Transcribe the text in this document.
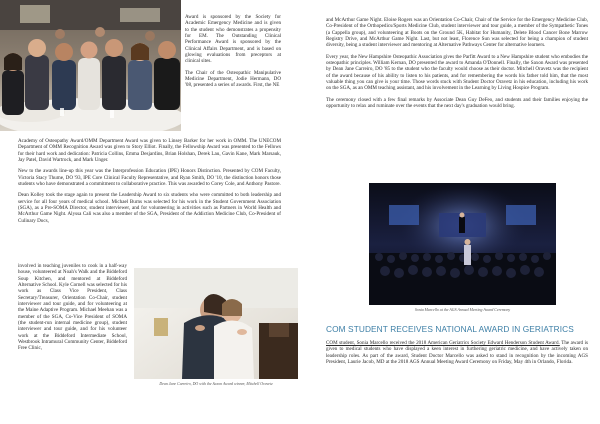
Award is sponsored by the Society for Academic Emergency Medicine and is given to the student who demonstrates a propensity for EM. The Outstanding Clinical Performance Award is sponsored by the Clinical Affairs Department, and is based on glowing evaluations from preceptors at clinical sites.

The Chair of the Osteopathic Manipulative Medicine Department, Jodie Hermann, DO '08, presented a series of awards. First, the NE

Academy of Osteopathy Award/OMM Department Award was given to Linsey Barker for her work in OMM. The UNECOM Department of OMM Recognition Award was given to Story Elliot. Finally, the Fellowship Award was presented to the Fellows for their hard work and dedication: Patricia Collins, Emma Desjardins, Brian Holshan, Derek Lau, Gavin Kane, Mark Marsauk, Jay Patel, David Wartrock, and Mark Unger.

New to the awards line-up this year was the Interprofession Education (IPE) Honors Distinction. Presented by COM Faculty, Victoria Stacy Thume, DO '93, IPE Core Clinical Faculty Representative, and Ryan Smith, DO '10, the distinction honors those students who have demonstrated a commitment to collaborative practice. This was awarded to Corey Cole, and Anthony Pastore.

Dean Kolley took the stage again to present the Leadership Award to six students who were committed to both leadership and service for all four years of medical school. Michael Burns was selected for his work in the Student Government Association (SGA), as a Pre-SOMA Director, student interviewer, and for volunteering in activities such as Partners in World Health and McArthur Game Night. Alyssa Cali was also a member of the SGA, President of the Addiction Medicine Club, Co-President of Culinary Docs,

involved in teaching juveniles to cook in a half-way house, volunteered at Noah's Walk and the Biddeford Soup Kitchen, and mentored at Biddeford Alternative School. Kyle Cornell was selected for his work as Class Vice President, Class Secretary/Treasurer, Orientation Co-Chair, student interviewer and tour guide, and for volunteering at the Maine Adaptive Program. Michael Meehan was a member of the SGA, Co-Vice President of SOMA (the student-run internal medicine group), student interviewer and tour guide, and for his volunteer work at the Biddeford Intermediate School, Westbrook Intramural Community Center, Biddeford Free Clinic,

Dean Jane Carreiro, DO with the Saxon Award winner, Mitchell Oravetz

and McArthur Game Night. Eloise Rogers was an Orientation Co-Chair, Chair of the Service for the Emergency Medicine Club, Co-President of the Orthopedics/Sports Medicine Club, student interviewer and tour guide, a member of the Sympathetic Tones (a Cappella group), and volunteering at Boots on the Ground 5K, Habitat for Humanity, Delete Blood Cancer Bone Marrow Registry Drive, and McArthur Game Night. Last, but not least, Florence Sun was selected for being a champion of student diversity, being a student interviewer and mentoring at Alternative Pathways Center for alternative learners.

Every year, the New Hampshire Osteopathic Association gives the Parfitt Award to a New Hampshire student who embodies the osteopathic principles. William Kernan, DO presented the award to Amanda O'Donnell. Finally, the Saxon Award was presented by Dean Jane Carreiro, DO '85 to the student who the faculty would choose as their doctor. Mitchell Oravetz was the recipient of the award because of his ability to listen to his patients, and for remembering the words his father told him, that the most valuable thing you can give is your time. Those words stuck with Student Doctor Oravetz in his education, including his work on the SGA, as an OMM teaching assistant, and his involvement in the Learning by Living Hospice Program.

The ceremony closed with a few final remarks by Associate Dean Guy DeFeo, and students and their families enjoying the opportunity to relax and ruminate over the events that the next day's graduation would bring.

Sonia Marcello at the AGS Annual Meeting Award Ceremony
COM STUDENT RECEIVES NATIONAL AWARD IN GERIATRICS

COM student, Sonia Marcello received the 2018 American Geriatrics Society Edward Henderson Student Award. The award is given to medical students who have displayed a keen interest in furthering geriatric medicine, and have actively taken on leadership roles. As part of the award, Student Doctor Marcello was asked to stand in recognition by the incoming AGS President, Laurie Jacob, MD at the 2018 AGS Annual Meeting Award Ceremony on Friday, May 4th in Orlando, Florida.
